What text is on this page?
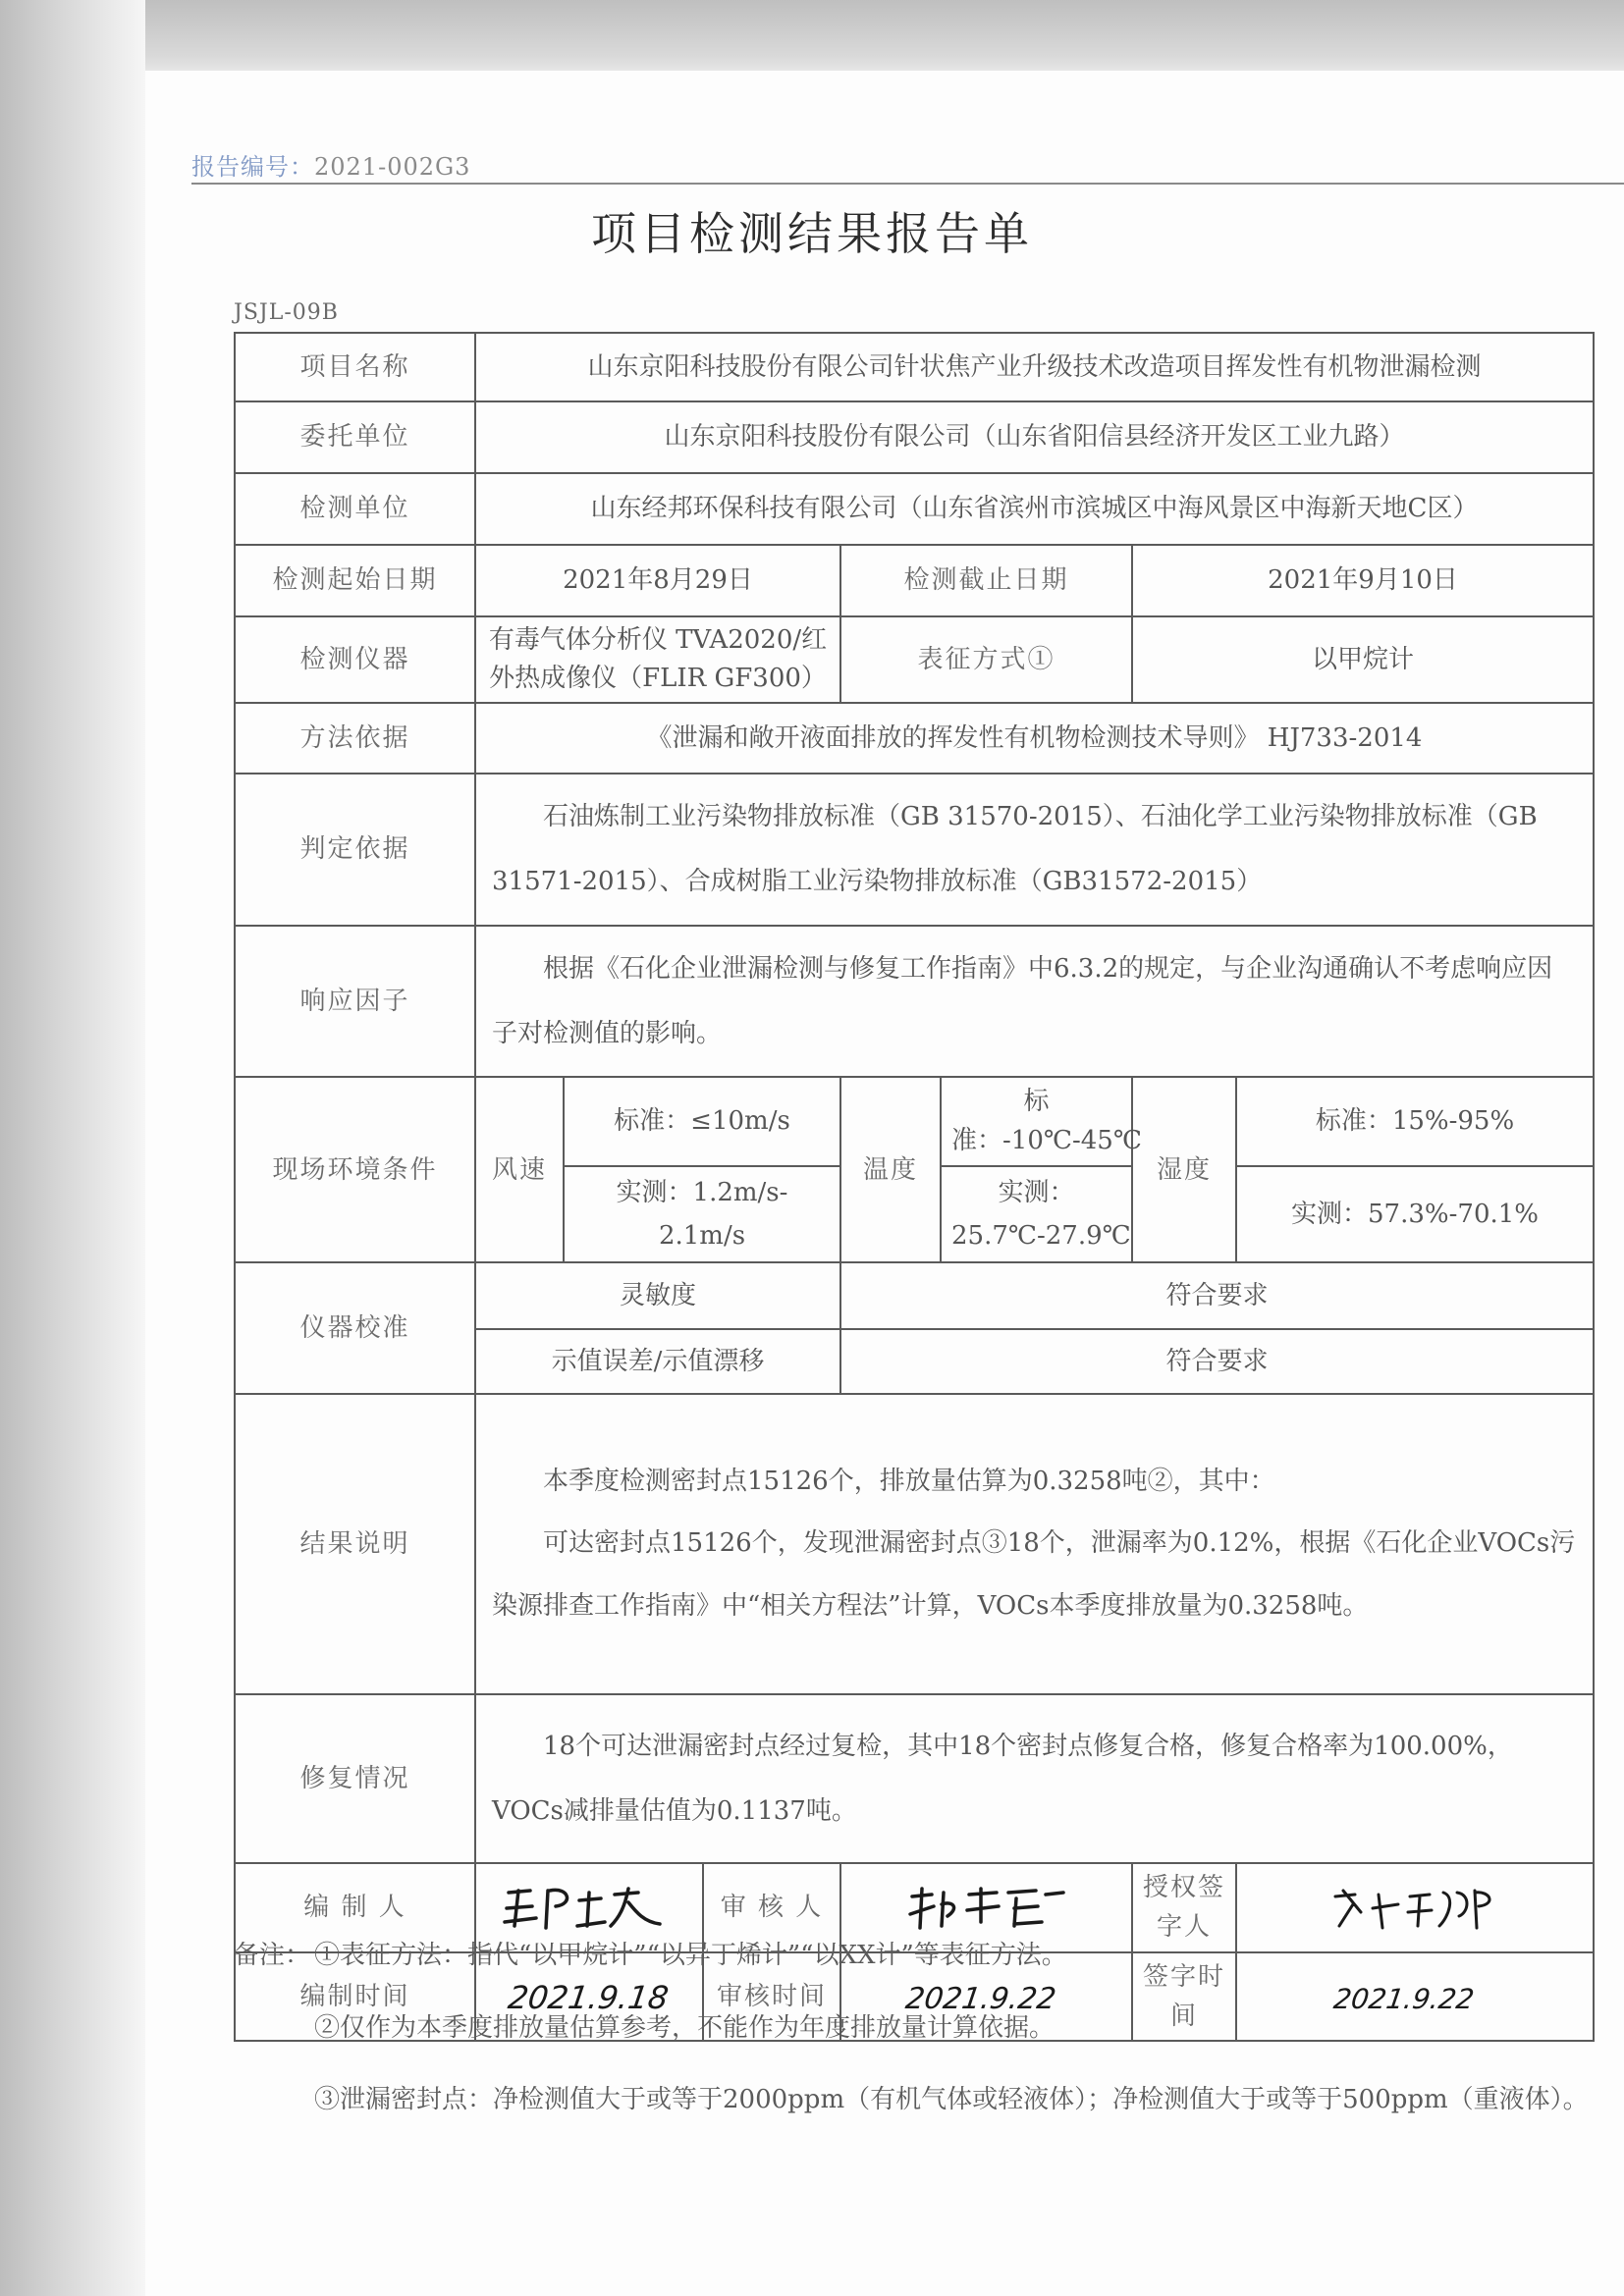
报告编号：2021-002G3
项目检测结果报告单
JSJL-09B
项目名称	山东京阳科技股份有限公司针状焦产业升级技术改造项目挥发性有机物泄漏检测						
委托单位	山东京阳科技股份有限公司（山东省阳信县经济开发区工业九路）						
检测单位	山东经邦环保科技有限公司（山东省滨州市滨城区中海风景区中海新天地C区）						
检测起始日期	2021年8月29日			检测截止日期		2021年9月10日	
检测仪器	有毒气体分析仪 TVA2020/红外热成像仪（FLIR GF300）			表征方式①		以甲烷计	
方法依据	《泄漏和敞开液面排放的挥发性有机物检测技术导则》 HJ733-2014						
判定依据	石油炼制工业污染物排放标准（GB 31570-2015）、石油化学工业污染物排放标准（GB 31571-2015）、合成树脂工业污染物排放标准（GB31572-2015）						

响应因子	根据《石化企业泄漏检测与修复工作指南》中6.3.2的规定，与企业沟通确认不考虑响应因子对检测值的影响。						

现场环境条件	风速	标准：≤10m/s		温度	标准：-10℃-45℃	湿度	标准：15%-95%
		实测：1.2m/s-2.1m/s			实测：25.7℃-27.9℃		实测：57.3%-70.1%
仪器校准	灵敏度			符合要求			
	示值误差/示值漂移			符合要求			
结果说明	本季度检测密封点15126个，排放量估算为0.3258吨②，其中：
可达密封点15126个，发现泄漏密封点③18个，泄漏率为0.12%，根据《石化企业VOCs污染源排查工作指南》中“相关方程法”计算，VOCs本季度排放量为0.3258吨。						

修复情况	18个可达泄漏密封点经过复检，其中18个密封点修复合格，修复合格率为100.00%，VOCs减排量估值为0.1137吨。						

编 制 人			审 核 人			授权签字人	

编制时间	2021.9.18		审核时间	2021.9.22		签字时间	2021.9.22
备注： ①表征方法：指代“以甲烷计”“以异丁烯计”“以XX计”等表征方法。
②仅作为本季度排放量估算参考，不能作为年度排放量计算依据。
③泄漏密封点：净检测值大于或等于2000ppm（有机气体或轻液体）；净检测值大于或等于500ppm（重液体）。
